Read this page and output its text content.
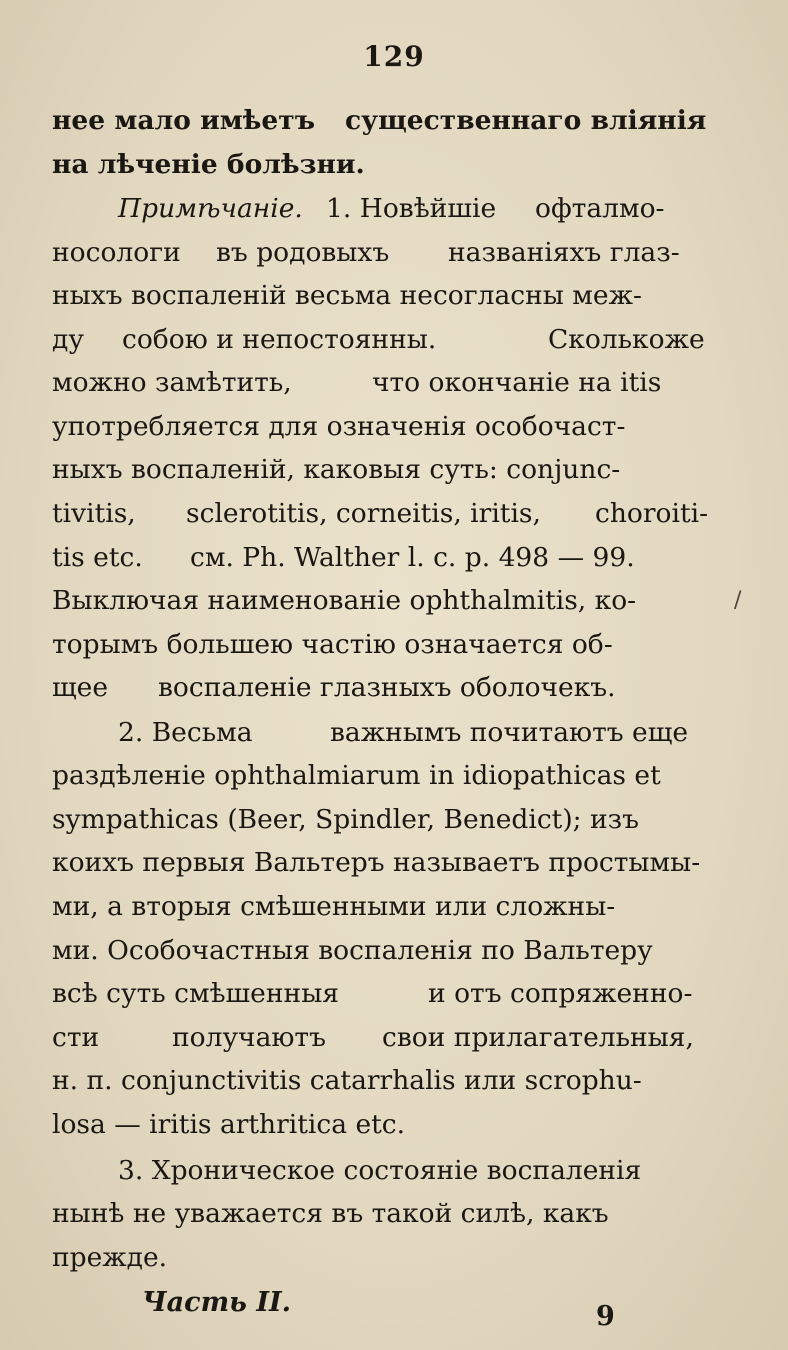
129
нее мало имѣетъ существеннаго вліянія
на лѣченіе болѣзни.
Примѣчаніе. 1. Новѣйшіе офталмо-
носологи въ родовыхъ названіяхъ глаз-
ныхъ воспаленій весьма несогласны меж-
ду собою и непостоянны.	Сколькоже
можно замѣтить,	что окончаніе на itis
употребляется для означенія особочаст-
ныхъ воспаленій, каковыя суть: conjunc-
tivitis, sclerotitis, corneitis, iritis, choroiti-
tis etc. см. Ph. Walther l. c. p. 498 — 99.
Выключая наименованіе ophthalmitis, ко-
торымъ большею частію означается об-
щее воспаленіе глазныхъ оболочекъ.
2. Весьма	важнымъ почитаютъ еще
раздѣленіе ophthalmiarum in idiopathicas et
sympathicas (Beer, Spindler, Benedict); изъ
коихъ первыя Вальтеръ называетъ простымы-
ми, а вторыя смѣшенными или сложны-
ми. Особочастныя воспаленія по Вальтеру
всѣ суть смѣшенныя	и отъ сопряженно-
сти	получаютъ свои прилагательныя,
н. п. conjunctivitis catarrhalis или scrophu-
losa — iritis arthritica etc.
3. Хроническое состояніе воспаленія
нынѣ не уважается въ такой силѣ, какъ
прежде.
/
Часть II.	9
